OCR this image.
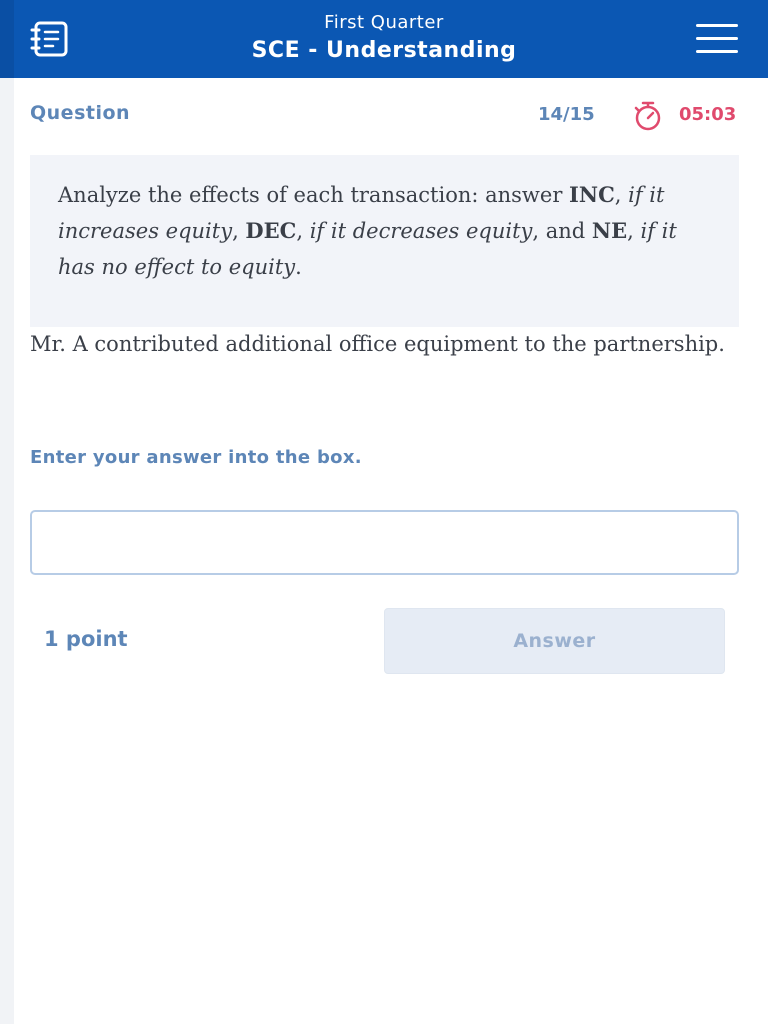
First Quarter
SCE - Understanding
Question	14/15	05:03
Analyze the effects of each transaction: answer INC, if it increases equity, DEC, if it decreases equity, and NE, if it has no effect to equity.
Mr. A contributed additional office equipment to the partnership.
Enter your answer into the box.
1 point	Answer
